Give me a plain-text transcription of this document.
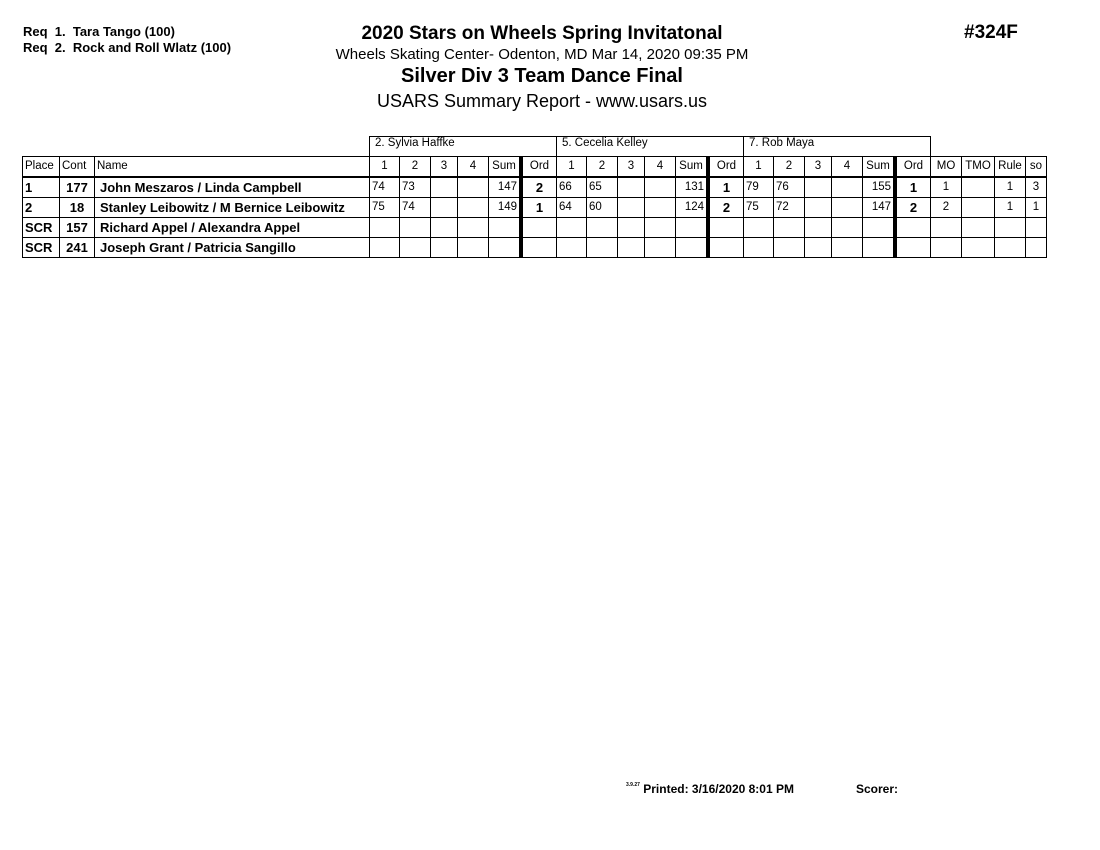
Req  1.  Tara Tango (100)
Req  2.  Rock and Roll Wlatz (100)
2020 Stars on Wheels Spring Invitatonal
Wheels Skating Center- Odenton, MD Mar 14, 2020 09:35 PM
Silver Div 3 Team Dance Final
USARS Summary Report - www.usars.us
#324F
			2. Sylvia Haffke						5. Cecelia Kelley						7. Rob Maya									
Place	Cont	Name	1	2	3	4	Sum	Ord	1	2	3	4	Sum	Ord	1	2	3	4	Sum	Ord	MO	TMO	Rule	so
1	177	John Meszaros / Linda Campbell	74	73			147	2	66	65			131	1	79	76			155	1	1		1	3
2	18	Stanley Leibowitz / M Bernice Leibowitz	75	74			149	1	64	60			124	2	75	72			147	2	2		1	1
SCR	157	Richard Appel / Alexandra Appel																						
SCR	241	Joseph Grant / Patricia Sangillo																						
$^{3.9.27}$ Printed: 3/16/2020 8:01 PM	Scorer:
